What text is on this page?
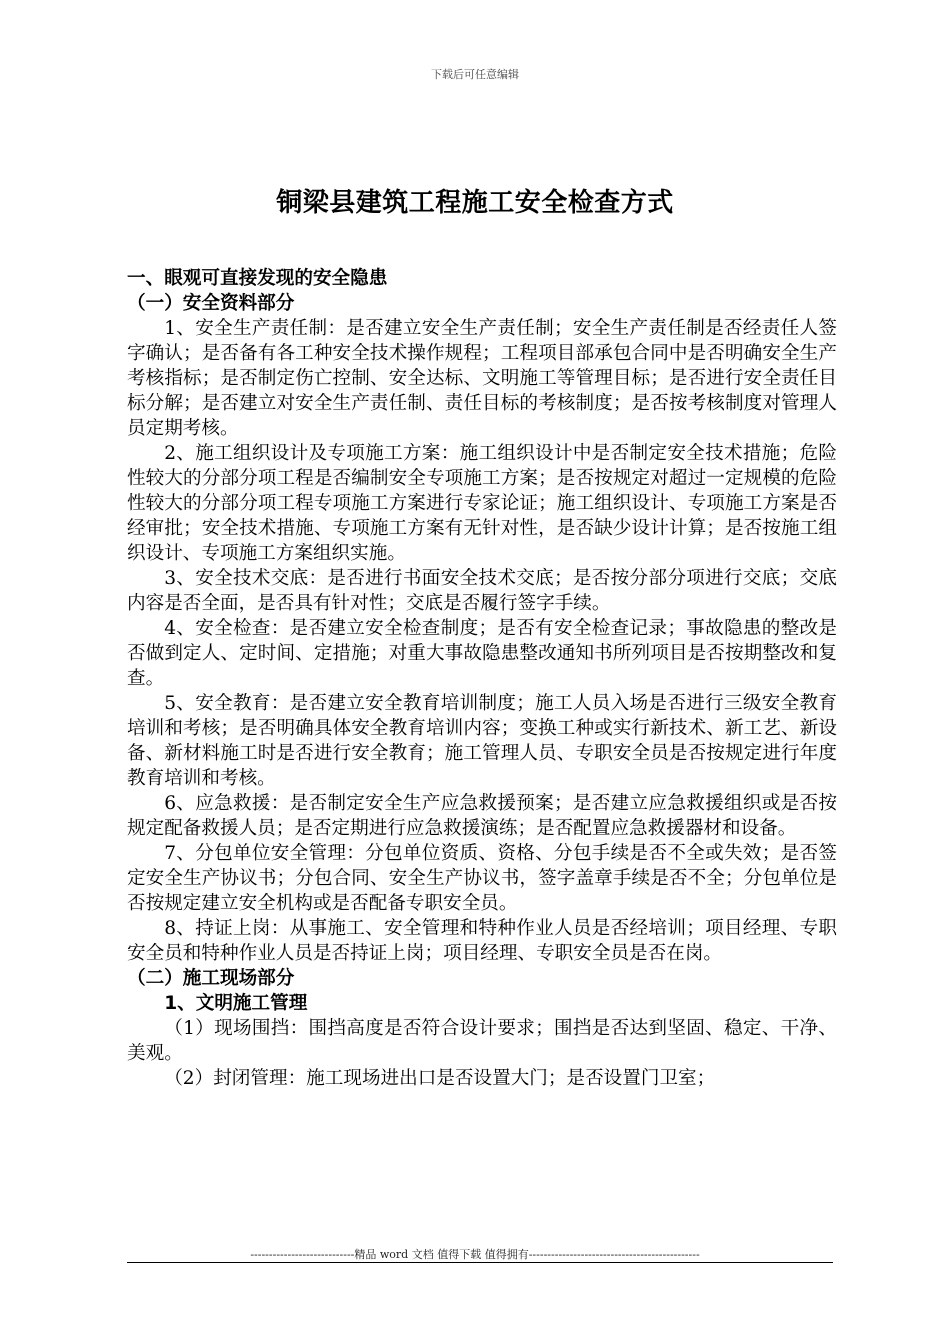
下载后可任意编辑
铜梁县建筑工程施工安全检查方式

一、眼观可直接发现的安全隐患

（一）安全资料部分

1、安全生产责任制：是否建立安全生产责任制；安全生产责任制是否经责任人签字确认；是否备有各工种安全技术操作规程；工程项目部承包合同中是否明确安全生产考核指标；是否制定伤亡控制、安全达标、文明施工等管理目标；是否进行安全责任目标分解；是否建立对安全生产责任制、责任目标的考核制度；是否按考核制度对管理人员定期考核。

2、施工组织设计及专项施工方案：施工组织设计中是否制定安全技术措施；危险性较大的分部分项工程是否编制安全专项施工方案；是否按规定对超过一定规模的危险性较大的分部分项工程专项施工方案进行专家论证；施工组织设计、专项施工方案是否经审批；安全技术措施、专项施工方案有无针对性，是否缺少设计计算；是否按施工组织设计、专项施工方案组织实施。

3、安全技术交底：是否进行书面安全技术交底；是否按分部分项进行交底；交底内容是否全面，是否具有针对性；交底是否履行签字手续。

4、安全检查：是否建立安全检查制度；是否有安全检查记录；事故隐患的整改是否做到定人、定时间、定措施；对重大事故隐患整改通知书所列项目是否按期整改和复查。

5、安全教育：是否建立安全教育培训制度；施工人员入场是否进行三级安全教育培训和考核；是否明确具体安全教育培训内容；变换工种或实行新技术、新工艺、新设备、新材料施工时是否进行安全教育；施工管理人员、专职安全员是否按规定进行年度教育培训和考核。

6、应急救援：是否制定安全生产应急救援预案；是否建立应急救援组织或是否按规定配备救援人员；是否定期进行应急救援演练；是否配置应急救援器材和设备。

7、分包单位安全管理：分包单位资质、资格、分包手续是否不全或失效；是否签定安全生产协议书；分包合同、安全生产协议书，签字盖章手续是否不全；分包单位是否按规定建立安全机构或是否配备专职安全员。

8、持证上岗：从事施工、安全管理和特种作业人员是否经培训；项目经理、专职安全员和特种作业人员是否持证上岗；项目经理、专职安全员是否在岗。

（二）施工现场部分

1、文明施工管理

（1）现场围挡：围挡高度是否符合设计要求；围挡是否达到坚固、稳定、干净、美观。

（2）封闭管理：施工现场进出口是否设置大门；是否设置门卫室；

----------------------------精品 word 文档 值得下载 值得拥有----------------------------------------------
